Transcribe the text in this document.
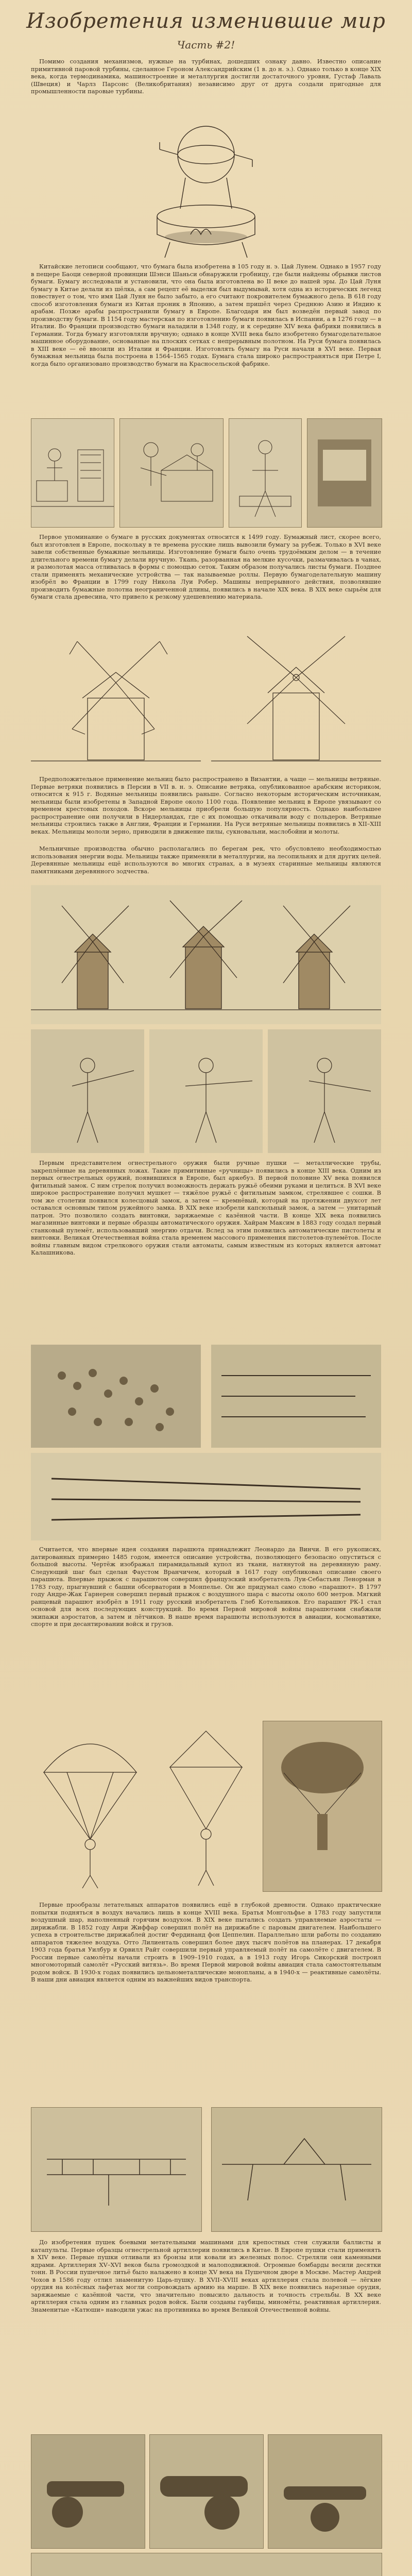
Изобретения изменившие мир
Часть #2!

Помимо создания механизмов, нужные на турбинах, дошедших ознаку давно. Известно описание примитивной паровой турбины, сделанное Героном Александрийским (1 в. до н. э.). Однако только в конце XIX века, когда термодинамика, машиностроение и металлургия достигли достаточного уровня, Густаф Лаваль (Швеция) и Чарлз Парсонс (Великобритания) независимо друг от друга создали пригодные для промышленности паровые турбины.

Китайские летописи сообщают, что бумага была изобретена в 105 году н. э. Цай Лунем. Однако в 1957 году в пещере Баоци северной провинции Шэнси Шаньси обнаружили гробницу, где были найдены обрывки листов бумаги. Бумагу исследовали и установили, что она была изготовлена во II веке до нашей эры. До Цай Луня бумагу в Китае делали из шёлка, а сам рецепт её выделки был выдумывай, хотя одна из исторических легенд повествует о том, что имя Цай Луня не было забыто, а его считают покровителем бумажного дела. В 618 году способ изготовления бумаги из Китая проник в Японию, а затем пришёл через Среднюю Азию и Индию к арабам. Позже арабы распространили бумагу в Европе. Благодаря им был возведён первый завод по производству бумаги. В 1154 году мастерская по изготовлению бумаги появилась в Испании, а в 1276 году — в Италии. Во Франции производство бумаги наладили в 1348 году, и к середине XIV века фабрики появились в Германии. Тогда бумагу изготовляли вручную; однако в конце XVIII века было изобретено бумагоделательное машинное оборудование, основанные на плоских сетках с непрерывным полотном. На Руси бумага появилась в XIII веке — её ввозили из Италии и Франции. Изготовлять бумагу на Руси начали в XVI веке. Первая бумажная мельница была построена в 1564–1565 годах. Бумага стала широко распространяться при Петре I, когда было организовано производство бумаги на Красносельской фабрике.

Первое упоминание о бумаге в русских документах относится к 1499 году. Бумажный лист, скорее всего, был изготовлен в Европе, поскольку в те времена русские лишь вывозили бумагу за рубеж. Только в XVI веке завели собственные бумажные мельницы. Изготовление бумаги было очень трудоёмким делом — в течение длительного времени бумагу делали вручную. Ткань, разорванная на мелкие кусочки, размачивалась в чанах, и размолотая масса отливалась в формы с помощью сеток. Таким образом получались листы бумаги. Позднее стали применять механические устройства — так называемые роллы. Первую бумагоделательную машину изобрёл во Франции в 1799 году Никола Луи Робер. Машины непрерывного действия, позволявшие производить бумажные полотна неограниченной длины, появились в начале XIX века. В XIX веке сырьём для бумаги стала древесина, что привело к резкому удешевлению материала.

Предположительное применение мельниц было распространено в Византии, а чаще — мельницы ветряные. Первые ветряки появились в Персии в VII в. н. э. Описание ветряка, опубликованное арабским историком, относится к 915 г. Водяные мельницы появились раньше. Согласно некоторым историческим источникам, мельницы были изобретены в Западной Европе около 1100 года. Появление мельниц в Европе увязывают со временем крестовых походов. Вскоре мельницы приобрели большую популярность. Однако наибольшее распространение они получили в Нидерландах, где с их помощью откачивали воду с польдеров. Ветряные мельницы строились также в Англии, Франции и Германии. На Руси ветряные мельницы появились в XII–XIII веках. Мельницы мололи зерно, приводили в движение пилы, сукновальни, маслобойни и молоты.

Мельничные производства обычно располагались по берегам рек, что обусловлено необходимостью использования энергии воды. Мельницы также применяли в металлургии, на лесопильнях и для других целей. Деревянные мельницы ещё используются во многих странах, а в музеях старинные мельницы являются памятниками деревянного зодчества.

Первым представителем огнестрельного оружия были ручные пушки — металлические трубы, закреплённые на деревянных ложах. Такие примитивные «ручницы» появились в конце XIII века. Одним из первых огнестрельных оружий, появившихся в Европе, был аркебуз. В первой половине XV века появился фитильный замок. С ним стрелок получил возможность держать ружьё обеими руками и целиться. В XVI веке широкое распространение получил мушкет — тяжёлое ружьё с фитильным замком, стрелявшее с сошки. В том же столетии появился колесцовый замок, а затем — кремнёвый, который на протяжении двухсот лет оставался основным типом ружейного замка. В XIX веке изобрели капсюльный замок, а затем — унитарный патрон. Это позволило создать винтовки, заряжаемые с казённой части. В конце XIX века появились магазинные винтовки и первые образцы автоматического оружия. Хайрам Максим в 1883 году создал первый станковый пулемёт, использовавший энергию отдачи. Вслед за этим появились автоматические пистолеты и винтовки. Великая Отечественная война стала временем массового применения пистолетов-пулемётов. После войны главным видом стрелкового оружия стали автоматы, самым известным из которых является автомат Калашникова.

Считается, что впервые идея создания парашюта принадлежит Леонардо да Винчи. В его рукописях, датированных примерно 1485 годом, имеется описание устройства, позволяющего безопасно опуститься с большой высоты. Чертёж изображал пирамидальный купол из ткани, натянутой на деревянную раму. Следующий шаг был сделан Фаустом Вранчичем, который в 1617 году опубликовал описание своего парашюта. Впервые прыжок с парашютом совершил французский изобретатель Луи-Себастьян Ленорман в 1783 году, прыгнувший с башни обсерватории в Монпелье. Он же придумал само слово «парашют». В 1797 году Андре-Жак Гарнерен совершил первый прыжок с воздушного шара с высоты около 600 метров. Мягкий ранцевый парашют изобрёл в 1911 году русский изобретатель Глеб Котельников. Его парашют РК-1 стал основой для всех последующих конструкций. Во время Первой мировой войны парашютами снабжали экипажи аэростатов, а затем и лётчиков. В наше время парашюты используются в авиации, космонавтике, спорте и при десантировании войск и грузов.

Первые прообразы летательных аппаратов появились ещё в глубокой древности. Однако практические попытки подняться в воздух начались лишь в конце XVIII века. Братья Монгольфье в 1783 году запустили воздушный шар, наполненный горячим воздухом. В XIX веке пытались создать управляемые аэростаты — дирижабли. В 1852 году Анри Жиффар совершил полёт на дирижабле с паровым двигателем. Наибольшего успеха в строительстве дирижаблей достиг Фердинанд фон Цеппелин. Параллельно шли работы по созданию аппаратов тяжелее воздуха. Отто Лилиенталь совершил более двух тысяч полётов на планерах. 17 декабря 1903 года братья Уилбур и Орвилл Райт совершили первый управляемый полёт на самолёте с двигателем. В России первые самолёты начали строить в 1909–1910 годах, а в 1913 году Игорь Сикорский построил многомоторный самолёт «Русский витязь». Во время Первой мировой войны авиация стала самостоятельным родом войск. В 1930-х годах появились цельнометаллические монопланы, а в 1940-х — реактивные самолёты. В наши дни авиация является одним из важнейших видов транспорта.

До изобретения пушек боевыми метательными машинами для крепостных стен служили баллисты и катапульты. Первые образцы огнестрельной артиллерии появились в Китае. В Европе пушки стали применять в XIV веке. Первые пушки отливали из бронзы или ковали из железных полос. Стреляли они каменными ядрами. Артиллерия XV–XVI веков была громоздкой и малоподвижной. Огромные бомбарды весили десятки тонн. В России пушечное литьё было налажено в конце XV века на Пушечном дворе в Москве. Мастер Андрей Чохов в 1586 году отлил знаменитую Царь-пушку. В XVII–XVIII веках артиллерия стала полевой — лёгкие орудия на колёсных лафетах могли сопровождать армию на марше. В XIX веке появились нарезные орудия, заряжаемые с казённой части, что значительно повысило дальность и точность стрельбы. В XX веке артиллерия стала одним из главных родов войск. Были созданы гаубицы, миномёты, реактивная артиллерия. Знаменитые «Катюши» наводили ужас на противника во время Великой Отечественной войны.
